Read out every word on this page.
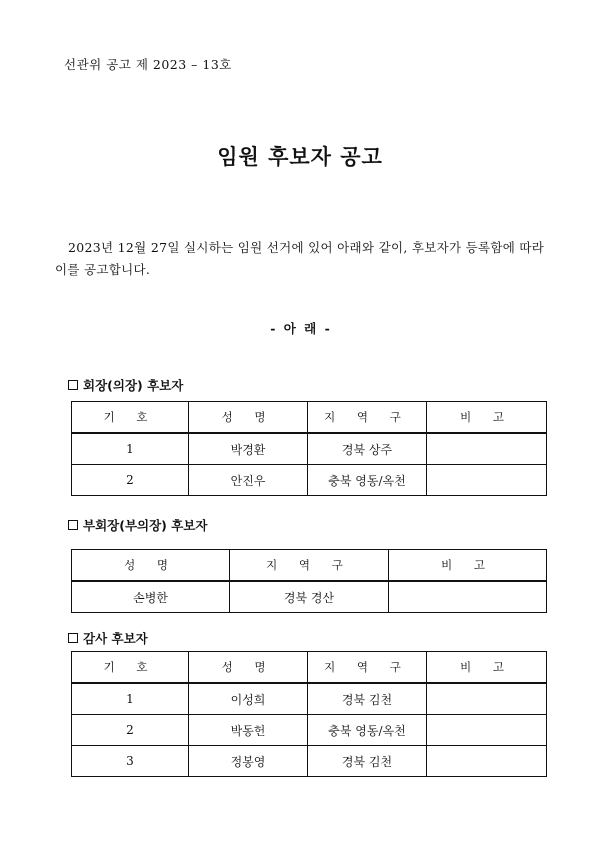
선관위 공고 제 2023 – 13호
임원 후보자 공고

2023년 12월 27일 실시하는 임원 선거에 있어 아래와 같이, 후보자가 등록함에 따라 이를 공고합니다.

- 아 래 -
회장(의장) 후보자
기 호	성 명	지 역 구	비 고
1	박경환	경북 상주	
2	안진우	충북 영동/옥천	
부회장(부의장) 후보자
성 명	지 역 구	비 고
손병한	경북 경산	
감사 후보자
기 호	성 명	지 역 구	비 고
1	이성희	경북 김천	
2	박동헌	충북 영동/옥천	
3	정봉영	경북 김천	
